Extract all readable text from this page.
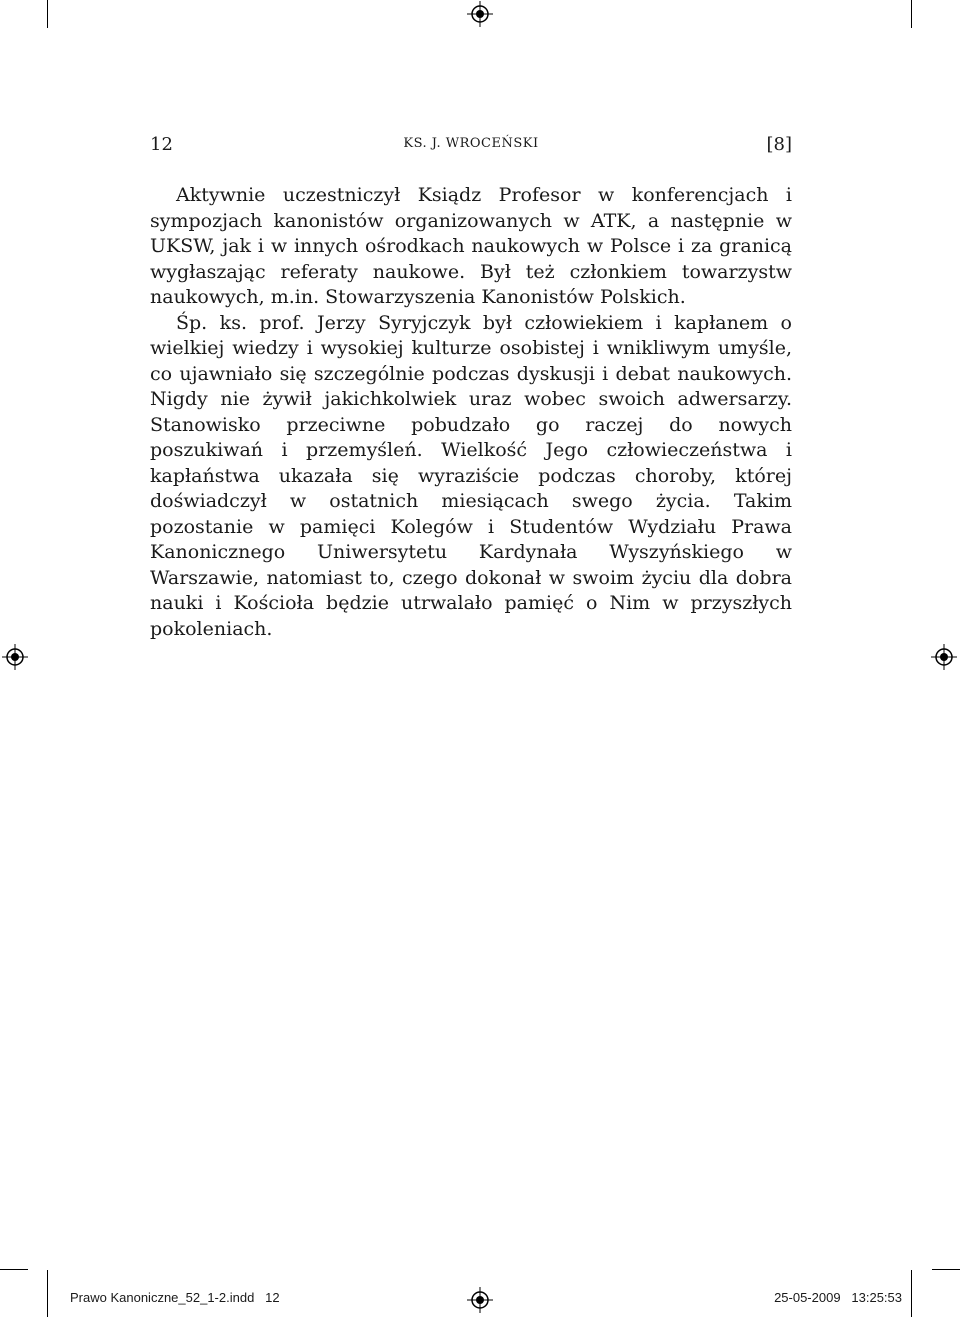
12	KS. J. WROCEŃSKI	[8]

Aktywnie uczestniczył Ksiądz Profesor w konferencjach i sympozjach kanonistów organizowanych w ATK, a następnie w UKSW, jak i w innych ośrodkach naukowych w Polsce i za granicą wygłaszając referaty naukowe. Był też członkiem towarzystw naukowych, m.in. Stowarzyszenia Kanonistów Polskich.

Śp. ks. prof. Jerzy Syryjczyk był człowiekiem i kapłanem o wielkiej wiedzy i wysokiej kulturze osobistej i wnikliwym umyśle, co ujawniało się szczególnie podczas dyskusji i debat naukowych. Nigdy nie żywił jakichkolwiek uraz wobec swoich adwersarzy. Stanowisko przeciwne pobudzało go raczej do nowych poszukiwań i przemyśleń. Wielkość Jego człowieczeństwa i kapłaństwa ukazała się wyraziście podczas choroby, której doświadczył w ostatnich miesiącach swego życia. Takim pozostanie w pamięci Kolegów i Studentów Wydziału Prawa Kanonicznego Uniwersytetu Kardynała Wyszyńskiego w Warszawie, natomiast to, czego dokonał w swoim życiu dla dobra nauki i Kościoła będzie utrwalało pamięć o Nim w przyszłych pokoleniach.

Prawo Kanoniczne_52_1-2.indd   12	25-05-2009   13:25:53
